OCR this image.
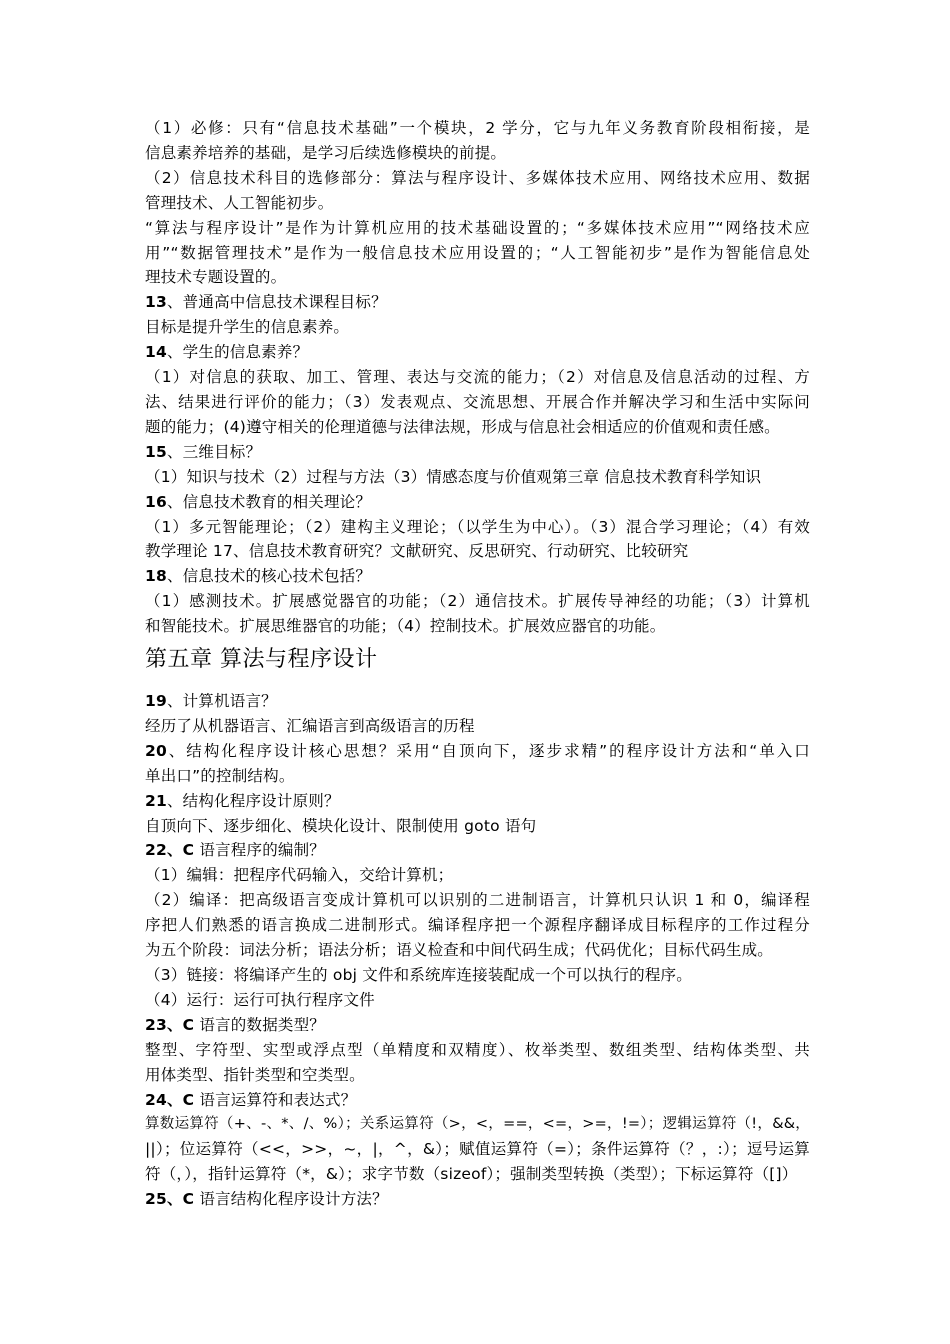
（1）必修：只有“信息技术基础”一个模块，2 学分，它与九年义务教育阶段相衔接，是
信息素养培养的基础，是学习后续选修模块的前提。
（2）信息技术科目的选修部分：算法与程序设计、多媒体技术应用、网络技术应用、数据
管理技术、人工智能初步。
“算法与程序设计”是作为计算机应用的技术基础设置的；“多媒体技术应用”“网络技术应
用”“数据管理技术”是作为一般信息技术应用设置的；“人工智能初步”是作为智能信息处
理技术专题设置的。
13、普通高中信息技术课程目标？
目标是提升学生的信息素养。
14、学生的信息素养？
（1）对信息的获取、加工、管理、表达与交流的能力；（2）对信息及信息活动的过程、方
法、结果进行评价的能力；（3）发表观点、交流思想、开展合作并解决学习和生活中实际问
题的能力；(4)遵守相关的伦理道德与法律法规，形成与信息社会相适应的价值观和责任感。
15、三维目标？
（1）知识与技术（2）过程与方法（3）情感态度与价值观第三章 信息技术教育科学知识
16、信息技术教育的相关理论？
（1）多元智能理论；（2）建构主义理论；（以学生为中心）。（3）混合学习理论；（4）有效
教学理论 17、信息技术教育研究？文献研究、反思研究、行动研究、比较研究
18、信息技术的核心技术包括？
（1）感测技术。扩展感觉器官的功能；（2）通信技术。扩展传导神经的功能；（3）计算机
和智能技术。扩展思维器官的功能；（4）控制技术。扩展效应器官的功能。
第五章 算法与程序设计
19、计算机语言？
经历了从机器语言、汇编语言到高级语言的历程
20、结构化程序设计核心思想？采用“自顶向下，逐步求精”的程序设计方法和“单入口
单出口”的控制结构。
21、结构化程序设计原则？
自顶向下、逐步细化、模块化设计、限制使用 goto 语句
22、C 语言程序的编制？
（1）编辑：把程序代码输入，交给计算机；
（2）编译：把高级语言变成计算机可以识别的二进制语言，计算机只认识 1 和 0，编译程
序把人们熟悉的语言换成二进制形式。编译程序把一个源程序翻译成目标程序的工作过程分
为五个阶段：词法分析；语法分析；语义检查和中间代码生成；代码优化；目标代码生成。
（3）链接：将编译产生的 obj 文件和系统库连接装配成一个可以执行的程序。
（4）运行：运行可执行程序文件
23、C 语言的数据类型？
整型、字符型、实型或浮点型（单精度和双精度）、枚举类型、数组类型、结构体类型、共
用体类型、指针类型和空类型。
24、C 语言运算符和表达式？
算数运算符（+、-、*、/、%）；关系运算符（>，<，==，<=，>=，!=）；逻辑运算符（!，&&，
||）；位运算符（<<，>>，~，|，^，&）；赋值运算符（=）；条件运算符（？，:）；逗号运算
符（，），指针运算符（*，&）；求字节数（sizeof）；强制类型转换（类型）；下标运算符（[]）
25、C 语言结构化程序设计方法？
